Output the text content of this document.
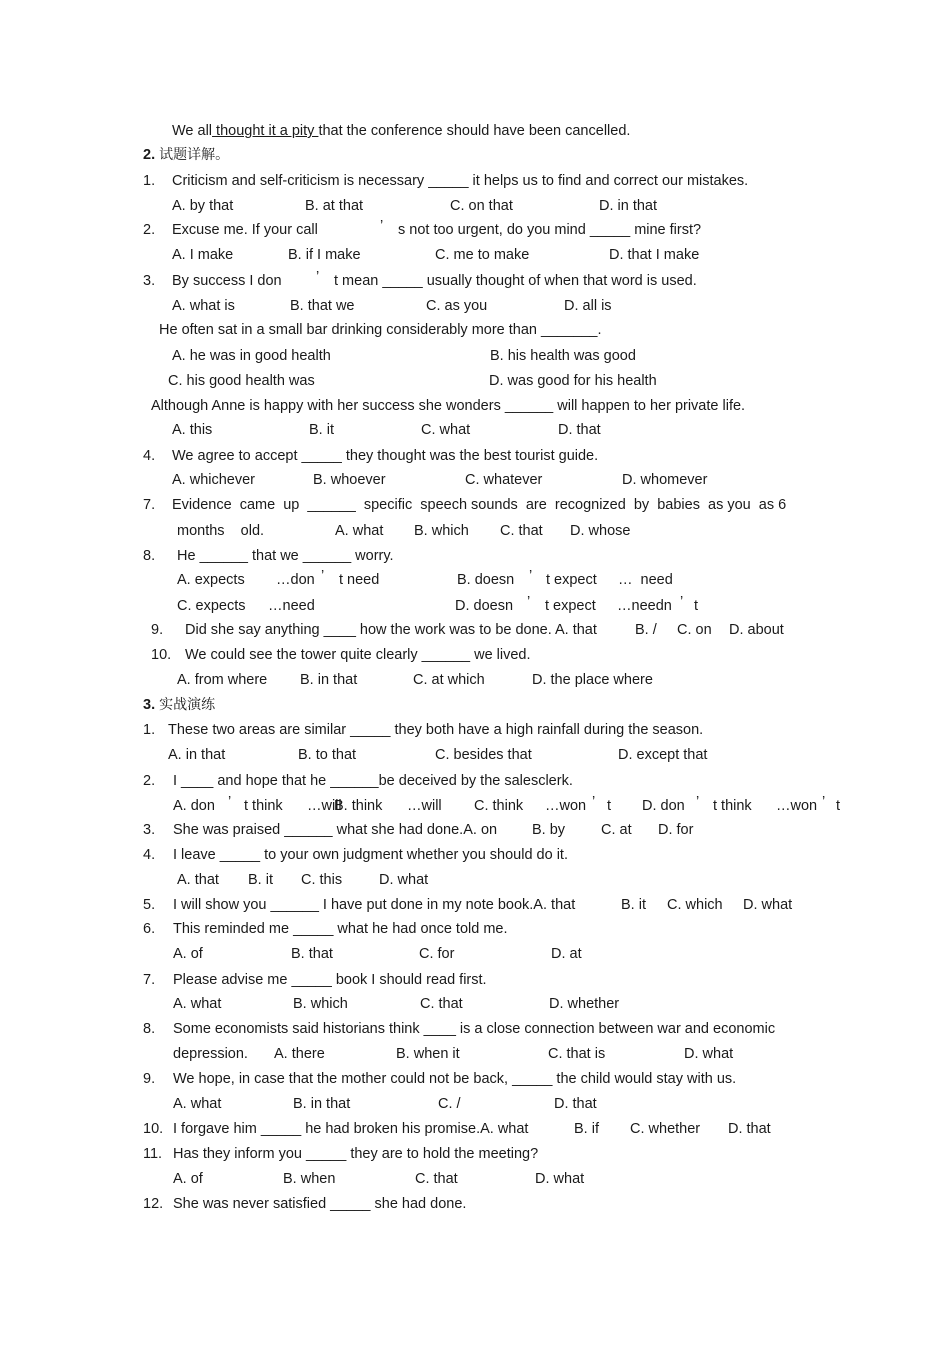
We all thought it a pity that the conference should have been cancelled.
2. 试题详解。
1. Criticism and self-criticism is necessary _____ it helps us to find and correct our mistakes.
A. by that	B. at that	C. on that	D. in that
2. Excuse me. If your call	’ s not too urgent, do you mind _____ mine first?
A. I make	B. if I make	C. me to make	D. that I make
3. By success I don ’ t mean _____ usually thought of when that word is used.
A. what is	B. that we	C. as you	D. all is
He often sat in a small bar drinking considerably more than _______.
A. he was in good health	B. his health was good
C. his good health was	D. was good for his health
Although Anne is happy with her success she wonders ______ will happen to her private life.
A. this	B. it	C. what	D. that
4. We agree to accept _____ they thought was the best tourist guide.
A. whichever	B. whoever	C. whatever	D. whomever
7. Evidence  came  up  ______  specific  speech sounds  are  recognized  by  babies  as you  as 6
months    old.	A. what B. which C. that D. whose
8. He ______ that we ______ worry.
A. expects …don ’ t need	B. doesn ’ t expect …  need
C. expects …need	D. doesn ’ t expect …needn ’ t
9. Did she say anything ____ how the work was to be done. A. that	B. / C. on D. about
10. We could see the tower quite clearly ______ we lived.
A. from where B. in that	C. at which	D. the place where
3. 实战演练
1. These two areas are similar _____ they both have a high rainfall during the season.
A. in that	B. to that	C. besides that	D. except that
2. I ____ and hope that he ______be deceived by the salesclerk.
A. don ’ t think …will
B. think …will C. think …won ’ t D. don ’ t think …won ’ t
3. She was praised ______ what she had done.A. on B. by C. at D. for
4. I leave _____ to your own judgment whether you should do it.
A. that B. it C. this	D. what
5. I will show you ______ I have put done in my note book.A. that	B. it C. which D. what
6. This reminded me _____ what he had once told me.
A. of	B. that	C. for	D. at
7. Please advise me _____ book I should read first.
A. what	B. which	C. that	D. whether
8. Some economists said historians think ____ is a close connection between war and economic
depression. A. there	B. when it	C. that is	D. what
9. We hope, in case that the mother could not be back, _____ the child would stay with us.
A. what	B. in that	C. /	D. that
10. I forgave him _____ he had broken his promise.A. what	B. if C. whether D. that
11. Has they inform you _____ they are to hold the meeting?
A. of	B. when	C. that	D. what
12. She was never satisfied _____ she had done.
